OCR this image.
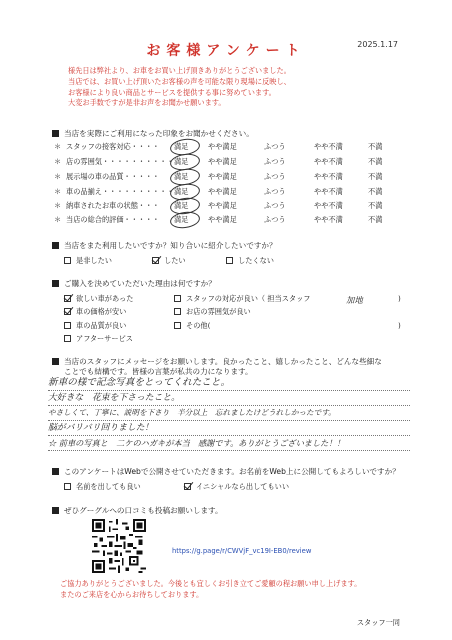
お客様アンケート	2025.1.17
様先日は弊社より、お車をお買い上げ頂きありがとうございました。
当店では、お買い上げ頂いたお客様の声を可能な限り現場に反映し、
お客様により良い商品とサービスを提供する事に努めています。
大変お手数ですが是非お声をお聞かせ願います。
当店を実際にご利用になった印象をお聞かせください。
＊ スタッフの接客対応・・・・ 満足	やや満足	ふつう	やや不満	不満
＊ 店の雰囲気・・・・・・・・・・ 満足	やや満足	ふつう	やや不満	不満
＊ 展示場の車の品質・・・・・ 満足	やや満足	ふつう	やや不満	不満
＊ 車の品揃え・・・・・・・・・・ 満足	やや満足	ふつう	やや不満	不満
＊ 納車されたお車の状態・・・ 満足	やや満足	ふつう	やや不満	不満
＊ 当店の総合的評価・・・・・ 満足	やや満足	ふつう	やや不満	不満
当店をまた利用したいですか？知り合いに紹介したいですか？
是非したい	したい	したくない
ご購入を決めていただいた理由は何ですか？
欲しい車があった
車の価格が安い
車の品質が良い
アフターサービス
スタッフの対応が良い（ 担当スタッフ	加地	)
お店の雰囲気が良い
その他(	)
当店のスタッフにメッセージをお願いします。良かったこと、嬉しかったこと、どんな些細な
ことでも結構です。皆様の言葉が私共の力になります。
新車の様で記念写真をとってくれたこと。
大好きな　花束を下さったこと。
やさしくて、丁寧に、説明を下さり　半分以上　忘れましたけどうれしかったです。
脳がバリバリ回りました！
☆ 前車の写真と　二ケのハガキが本当　感謝です。ありがとうございました！！
このアンケートはWebで公開させていただきます。お名前をWeb上に公開してもよろしいですか？
名前を出しても良い	イニシャルなら出してもいい
ぜひグーグルへの口コミも投稿お願いします。
https://g.page/r/CWVjF_vc19I-EB0/review
ご協力ありがとうございました。今後とも宜しくお引き立てご愛顧の程お願い申し上げます。
またのご来店を心からお待ちしております。
スタッフ一同
